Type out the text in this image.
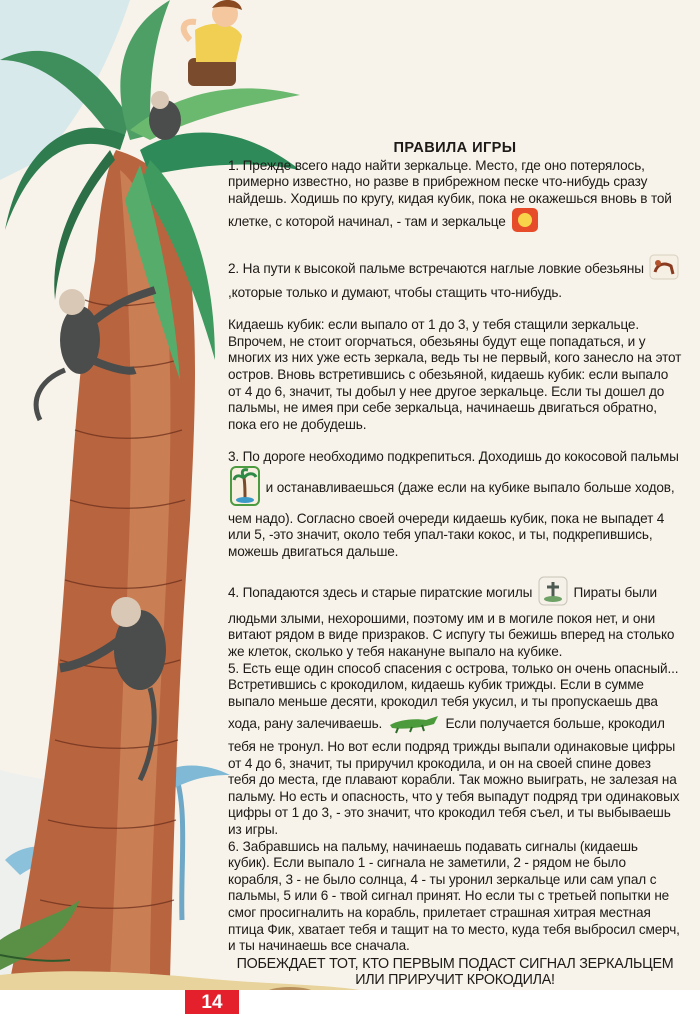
14
ПРАВИЛА ИГРЫ

1. Прежде всего надо найти зеркальце. Место, где оно потерялось, примерно известно, но разве в прибрежном песке что-нибудь сразу найдешь. Ходишь по кругу, кидая кубик, пока не окажешься вновь в той клетке, с которой начинал, - там и зеркальце

2. На пути к высокой пальме встречаются наглые ловкие обезьяны  ,которые только и думают, чтобы стащить что-нибудь.

Кидаешь кубик: если выпало от 1 до 3, у тебя стащили зеркальце. Впрочем, не стоит огорчаться, обезьяны будут еще попадаться, и у многих из них уже есть зеркала, ведь ты не первый, кого занесло на этот остров. Вновь встретившись с обезьяной, кидаешь кубик: если выпало от 4 до 6, значит, ты добыл у нее другое зеркальце. Если ты дошел до пальмы, не имея при себе зеркальца, начинаешь двигаться обратно, пока его не добудешь.

3. По дороге необходимо подкрепиться. Доходишь до кокосовой пальмы  и останавливаешься (даже если на кубике выпало больше ходов, чем надо). Согласно своей очереди кидаешь кубик, пока не выпадет 4 или 5, -это значит, около тебя упал-таки кокос, и ты, подкрепившись, можешь двигаться дальше.

4. Попадаются здесь и старые пиратские могилы	Пираты были людьми злыми, нехорошими, поэтому им и в могиле покоя нет, и они витают рядом в виде призраков. С испугу ты бежишь вперед на столько же клеток, сколько у тебя накануне выпало на кубике.

5. Есть еще один способ спасения с острова, только он очень опасный... Встретившись с крокодилом, кидаешь кубик трижды. Если в сумме выпало меньше десяти, крокодил тебя укусил, и ты пропускаешь два хода, рану залечиваешь.	Если получается больше, крокодил тебя не тронул. Но вот если подряд трижды выпали одинаковые цифры от 4 до 6, значит, ты приручил крокодила, и он на своей спине довез тебя до места, где плавают корабли. Так можно выиграть, не залезая на пальму. Но есть и опасность, что у тебя выпадут подряд три одинаковых цифры от 1 до 3, - это значит, что крокодил тебя съел, и ты выбываешь из игры.

6. Забравшись на пальму, начинаешь подавать сигналы (кидаешь кубик). Если выпало 1 - сигнала не заметили, 2 - рядом не было корабля, 3 - не было солнца, 4 - ты уронил зеркальце или сам упал с пальмы, 5 или 6 - твой сигнал принят. Но если ты с третьей попытки не смог просигналить на корабль, прилетает страшная хитрая местная птица Фик, хватает тебя и тащит на то место, куда тебя выбросил смерч, и ты начинаешь все сначала.

ПОБЕЖДАЕТ ТОТ, КТО ПЕРВЫМ ПОДАСТ СИГНАЛ ЗЕРКАЛЬЦЕМ ИЛИ ПРИРУЧИТ КРОКОДИЛА!
